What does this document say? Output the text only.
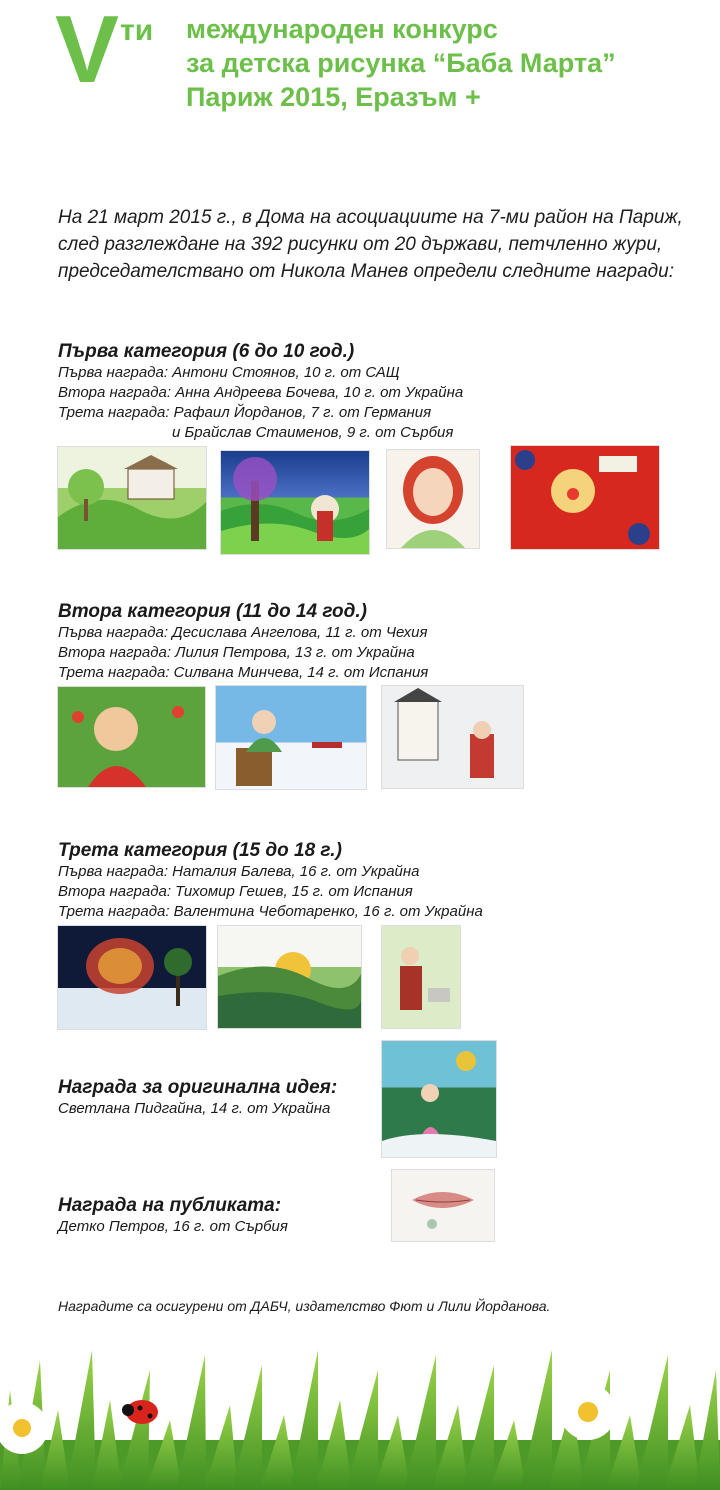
V ти международен конкурс
за детска рисунка “Баба Марта”
Париж 2015, Еразъм +
На 21 март 2015 г., в Дома на асоциациите на 7-ми район на Париж,
след разглеждане на 392 рисунки от 20 държави, петчленно жури,
председателствано от Никола Манев определи следните награди:
Първа категория (6 до 10 год.)
Първа награда: Антони Стоянов, 10 г. от САЩ
Втора награда: Анна Андреева Бочева, 10 г. от Украйна
Трета награда: Рафаил Йорданов, 7 г. от Германия
и Брайслав Стаименов, 9 г. от Сърбия
Втора категория (11 до 14 год.)
Първа награда: Десислава Ангелова, 11 г. от Чехия
Втора награда: Лилия Петрова, 13 г. от Украйна
Трета награда: Силвана Минчева, 14 г. от Испания
Трета категория (15 до 18 г.)
Първа награда: Наталия Балева, 16 г. от Украйна
Втора награда: Тихомир Гешев, 15 г. от Испания
Трета награда: Валентина Чеботаренко, 16 г. от Украйна
Награда за оригинална идея:
Светлана Пидгайна, 14 г. от Украйна
Награда на публиката:
Детко Петров, 16 г. от Сърбия
Наградите са осигурени от ДАБЧ, издателство Фют и Лили Йорданова.
